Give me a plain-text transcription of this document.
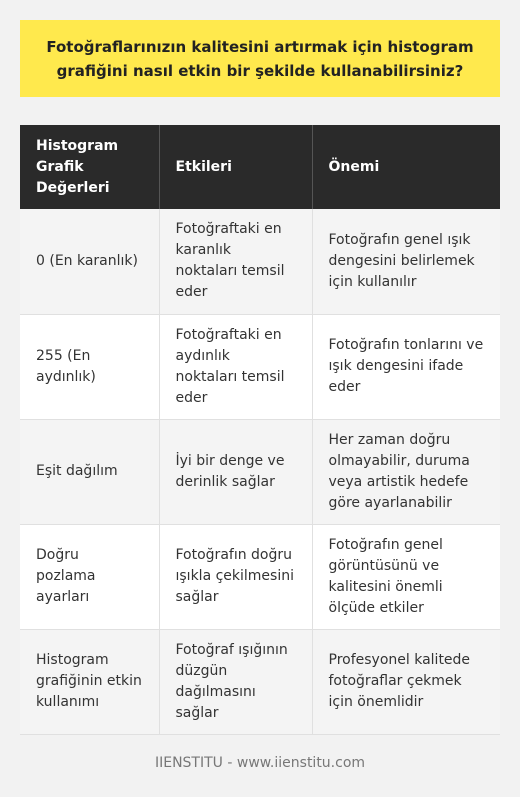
Fotoğraflarınızın kalitesini artırmak için histogram grafiğini nasıl etkin bir şekilde kullanabilirsiniz?
Histogram Grafik Değerleri	Etkileri	Önemi
0 (En karanlık)	Fotoğraftaki en karanlık noktaları temsil eder	Fotoğrafın genel ışık dengesini belirlemek için kullanılır
255 (En aydınlık)	Fotoğraftaki en aydınlık noktaları temsil eder	Fotoğrafın tonlarını ve ışık dengesini ifade eder
Eşit dağılım	İyi bir denge ve derinlik sağlar	Her zaman doğru olmayabilir, duruma veya artistik hedefe göre ayarlanabilir
Doğru pozlama ayarları	Fotoğrafın doğru ışıkla çekilmesini sağlar	Fotoğrafın genel görüntüsünü ve kalitesini önemli ölçüde etkiler
Histogram grafiğinin etkin kullanımı	Fotoğraf ışığının düzgün dağılmasını sağlar	Profesyonel kalitede fotoğraflar çekmek için önemlidir
IIENSTITU - www.iienstitu.com
